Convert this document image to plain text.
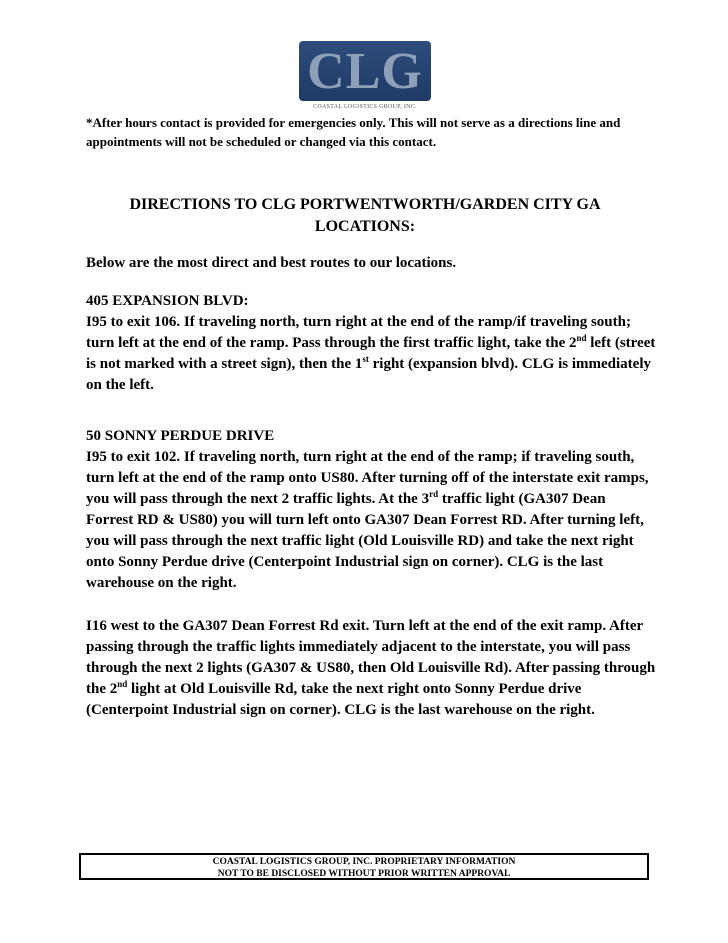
CLG
COASTAL LOGISTICS GROUP, INC.
*After hours contact is provided for emergencies only. This will not serve as a directions line and appointments will not be scheduled or changed via this contact.
DIRECTIONS TO CLG PORTWENTWORTH/GARDEN CITY GA LOCATIONS:
Below are the most direct and best routes to our locations.

405 EXPANSION BLVD:

I95 to exit 106. If traveling north, turn right at the end of the ramp/if traveling south; turn left at the end of the ramp. Pass through the first traffic light, take the 2nd left (street is not marked with a street sign), then the 1st right (expansion blvd). CLG is immediately on the left.

50 SONNY PERDUE DRIVE

I95 to exit 102. If traveling north, turn right at the end of the ramp; if traveling south, turn left at the end of the ramp onto US80. After turning off of the interstate exit ramps, you will pass through the next 2 traffic lights. At the 3rd traffic light (GA307 Dean Forrest RD & US80) you will turn left onto GA307 Dean Forrest RD. After turning left, you will pass through the next traffic light (Old Louisville RD) and take the next right onto Sonny Perdue drive (Centerpoint Industrial sign on corner). CLG is the last warehouse on the right.

I16 west to the GA307 Dean Forrest Rd exit. Turn left at the end of the exit ramp. After passing through the traffic lights immediately adjacent to the interstate, you will pass through the next 2 lights (GA307 & US80, then Old Louisville Rd). After passing through the 2nd light at Old Louisville Rd, take the next right onto Sonny Perdue drive (Centerpoint Industrial sign on corner). CLG is the last warehouse on the right.

COASTAL LOGISTICS GROUP, INC. PROPRIETARY INFORMATION
NOT TO BE DISCLOSED WITHOUT PRIOR WRITTEN APPROVAL
